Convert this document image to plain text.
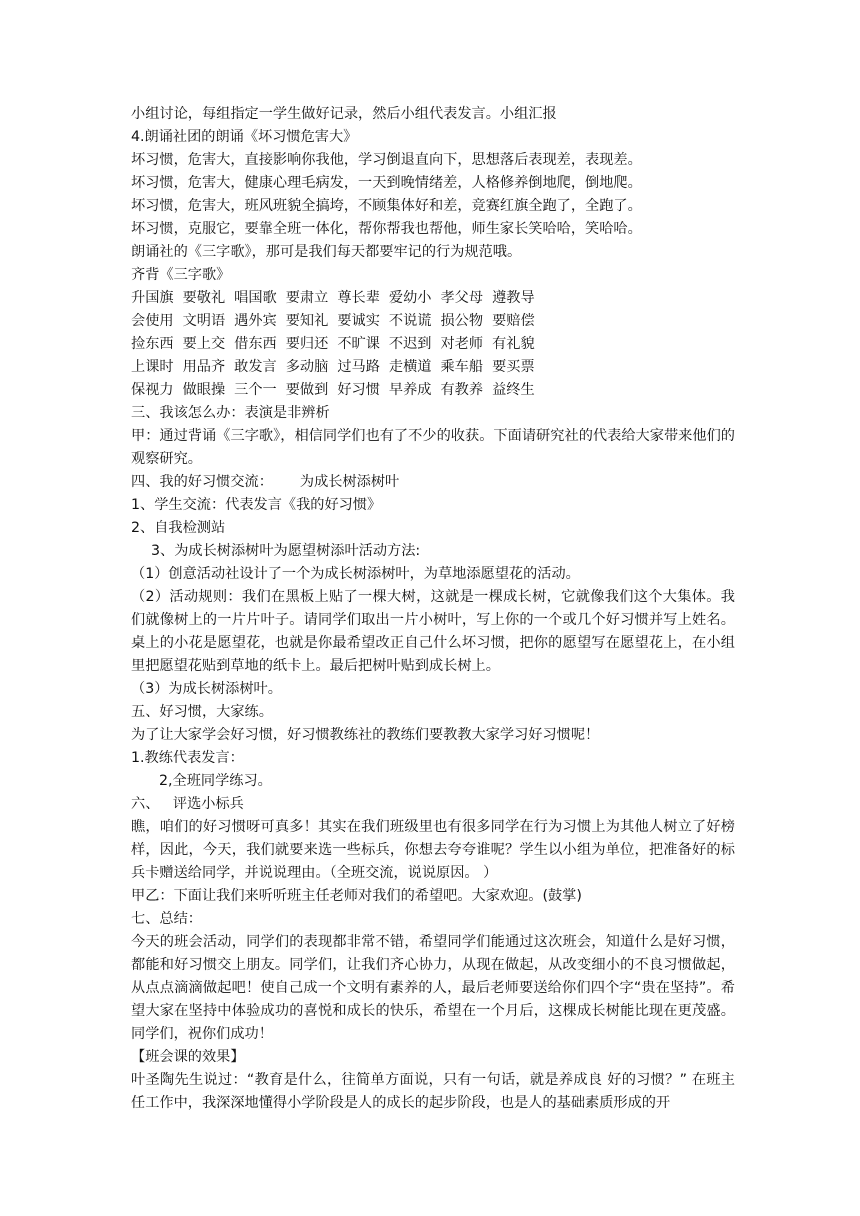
小组讨论，每组指定一学生做好记录，然后小组代表发言。小组汇报
4.朗诵社团的朗诵《坏习惯危害大》
坏习惯，危害大，直接影响你我他，学习倒退直向下，思想落后表现差，表现差。
坏习惯，危害大，健康心理毛病发，一天到晚情绪差，人格修养倒地爬，倒地爬。
坏习惯，危害大，班风班貌全搞垮，不顾集体好和差，竞赛红旗全跑了，全跑了。
坏习惯，克服它，要靠全班一体化，帮你帮我也帮他，师生家长笑哈哈，笑哈哈。
朗诵社的《三字歌》，那可是我们每天都要牢记的行为规范哦。
齐背《三字歌》
升国旗  要敬礼  唱国歌  要肃立  尊长辈  爱幼小  孝父母  遵教导
会使用  文明语  遇外宾  要知礼  要诚实  不说谎  损公物  要赔偿
捡东西  要上交  借东西  要归还  不旷课  不迟到  对老师  有礼貌
上课时  用品齐  敢发言  多动脑  过马路  走横道  乘车船  要买票
保视力  做眼操  三个一  要做到  好习惯  早养成  有教养  益终生
三、我该怎么办：表演是非辨析
甲：通过背诵《三字歌》，相信同学们也有了不少的收获。下面请研究社的代表给大家带来他们的观察研究。
四、我的好习惯交流：      为成长树添树叶
1、学生交流：代表发言《我的好习惯》
2、自我检测站
3、为成长树添树叶为愿望树添叶活动方法:
（1）创意活动社设计了一个为成长树添树叶，为草地添愿望花的活动。
（2）活动规则：我们在黑板上贴了一棵大树，这就是一棵成长树，它就像我们这个大集体。我们就像树上的一片片叶子。请同学们取出一片小树叶，写上你的一个或几个好习惯并写上姓名。桌上的小花是愿望花，也就是你最希望改正自己什么坏习惯，把你的愿望写在愿望花上，在小组里把愿望花贴到草地的纸卡上。最后把树叶贴到成长树上。
（3）为成长树添树叶。
五、好习惯，大家练。
为了让大家学会好习惯，好习惯教练社的教练们要教教大家学习好习惯呢！
1.教练代表发言：
2,全班同学练习。
六、   评选小标兵
瞧，咱们的好习惯呀可真多！其实在我们班级里也有很多同学在行为习惯上为其他人树立了好榜样，因此，今天，我们就要来选一些标兵，你想去夸夸谁呢？学生以小组为单位，把准备好的标兵卡赠送给同学，并说说理由。（全班交流，说说原因。 ）
甲乙：下面让我们来听听班主任老师对我们的希望吧。大家欢迎。(鼓掌)
七、总结：
今天的班会活动，同学们的表现都非常不错，希望同学们能通过这次班会，知道什么是好习惯，都能和好习惯交上朋友。同学们，让我们齐心协力，从现在做起，从改变细小的不良习惯做起，从点点滴滴做起吧！使自己成一个文明有素养的人，最后老师要送给你们四个字“贵在坚持”。希望大家在坚持中体验成功的喜悦和成长的快乐，希望在一个月后，这棵成长树能比现在更茂盛。同学们，祝你们成功！
【班会课的效果】
叶圣陶先生说过：“教育是什么，往简单方面说，只有一句话，就是养成良 好的习惯？” 在班主任工作中，我深深地懂得小学阶段是人的成长的起步阶段，也是人的基础素质形成的开
